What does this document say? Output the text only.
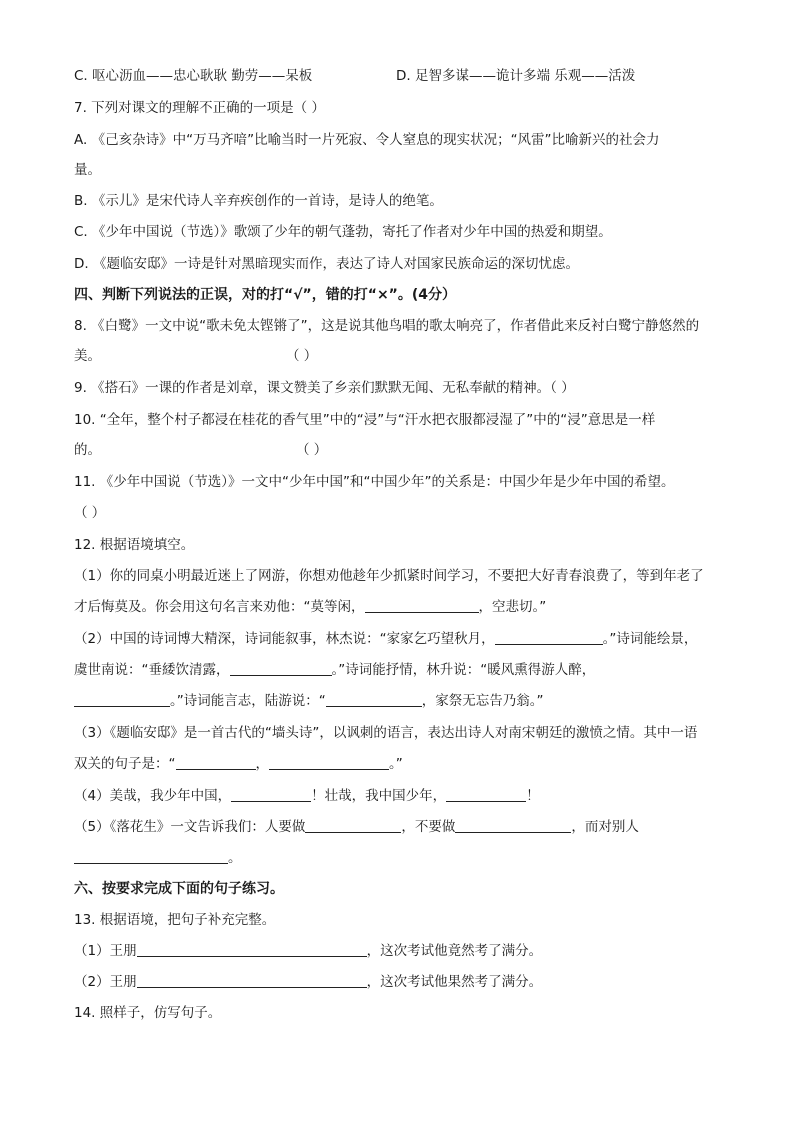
C. 呕心沥血——忠心耿耿 勤劳——呆板	D. 足智多谋——诡计多端 乐观——活泼
7. 下列对课文的理解不正确的一项是（ ）
A. 《己亥杂诗》中“万马齐喑”比喻当时一片死寂、令人窒息的现实状况；“风雷”比喻新兴的社会力
量。
B. 《示儿》是宋代诗人辛弃疾创作的一首诗，是诗人的绝笔。
C. 《少年中国说（节选）》歌颂了少年的朝气蓬勃，寄托了作者对少年中国的热爱和期望。
D. 《题临安邸》一诗是针对黑暗现实而作，表达了诗人对国家民族命运的深切忧虑。
四、判断下列说法的正误，对的打“√”，错的打“×”。(4分）
8. 《白鹭》一文中说“歌未免太铿锵了”，这是说其他鸟唱的歌太响亮了，作者借此来反衬白鹭宁静悠然的
美。	（ ）
9. 《搭石》一课的作者是刘章，课文赞美了乡亲们默默无闻、无私奉献的精神。（ ）
10. “全年，整个村子都浸在桂花的香气里”中的“浸”与“汗水把衣服都浸湿了”中的“浸”意思是一样
的。	（ ）
11. 《少年中国说（节选）》一文中“少年中国”和“中国少年”的关系是：中国少年是少年中国的希望。
（ ）
12. 根据语境填空。
（1）你的同桌小明最近迷上了网游，你想劝他趁年少抓紧时间学习，不要把大好青春浪费了，等到年老了
才后悔莫及。你会用这句名言来劝他：“莫等闲，	，空悲切。”
（2）中国的诗词博大精深，诗词能叙事，林杰说：“家家乞巧望秋月，	。”诗词能绘景，
虞世南说：“垂緌饮清露，	。”诗词能抒情，林升说：“暖风熏得游人醉，
。”诗词能言志，陆游说：“	，家祭无忘告乃翁。”
（3）《题临安邸》是一首古代的“墙头诗”，以讽刺的语言，表达出诗人对南宋朝廷的激愤之情。其中一语
双关的句子是：“	，	。”
（4）美哉，我少年中国，	！壮哉，我中国少年，	！
（5）《落花生》一文告诉我们：人要做	，不要做	，而对别人
。
六、按要求完成下面的句子练习。
13. 根据语境，把句子补充完整。
（1）王朋	，这次考试他竟然考了满分。
（2）王朋	，这次考试他果然考了满分。
14. 照样子，仿写句子。
